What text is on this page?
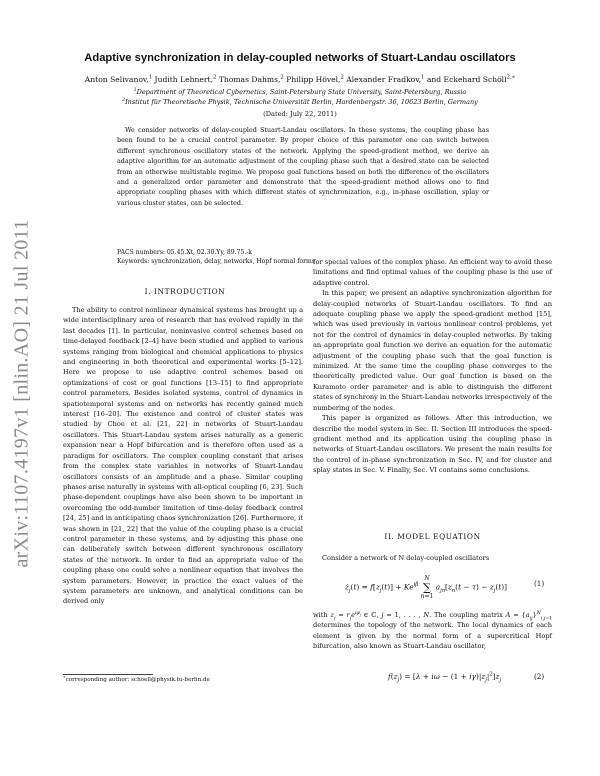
arXiv:1107.4197v1 [nlin.AO] 21 Jul 2011
Adaptive synchronization in delay-coupled networks of Stuart-Landau oscillators
Anton Selivanov,$^1$ Judith Lehnert,$^2$ Thomas Dahms,$^2$ Philipp Hövel,$^2$ Alexander Fradkov,$^1$ and Eckehard Schöll$^{2,∗}$
$^1$Department of Theoretical Cybernetics, Saint-Petersburg State University, Saint-Petersburg, Russia
$^2$Institut für Theoretische Physik, Technische Universität Berlin, Hardenbergstr. 36, 10623 Berlin, Germany
(Dated: July 22, 2011)
We consider networks of delay-coupled Stuart-Landau oscillators. In these systems, the coupling phase has been found to be a crucial control parameter. By proper choice of this parameter one can switch between different synchronous oscillatory states of the network. Applying the speed-gradient method, we derive an adaptive algorithm for an automatic adjustment of the coupling phase such that a desired state can be selected from an otherwise multistable regime. We propose goal functions based on both the difference of the oscillators and a generalized order parameter and demonstrate that the speed-gradient method allows one to find appropriate coupling phases with which different states of synchronization, e.g., in-phase oscillation, splay or various cluster states, can be selected.
PACS numbers: 05.45.Xt, 02.30.Yy, 89.75.-k
Keywords: synchronization, delay, networks, Hopf normal forms
I. INTRODUCTION

The ability to control nonlinear dynamical systems has brought up a wide interdisciplinary area of research that has evolved rapidly in the last decades [1]. In particular, noninvasive control schemes based on time-delayed feedback [2–4] have been studied and applied to various systems ranging from biological and chemical applications to physics and engineering in both theoretical and experimental works [5–12]. Here we propose to use adaptive control schemes based on optimizations of cost or goal functions [13–15] to find appropriate control parameters. Besides isolated systems, control of dynamics in spatiotemporal systems and on networks has recently gained much interest [16–20]. The existence and control of cluster states was studied by Choe et al. [21, 22] in networks of Stuart-Landau oscillators. This Stuart-Landau system arises naturally as a generic expansion near a Hopf bifurcation and is therefore often used as a paradigm for oscillators. The complex coupling constant that arises from the complex state variables in networks of Stuart-Landau oscillators consists of an amplitude and a phase. Similar coupling phases arise naturally in systems with all-optical coupling [6, 23]. Such phase-dependent couplings have also been shown to be important in overcoming the odd-number limitation of time-delay feedback control [24, 25] and in anticipating chaos synchronization [26]. Furthermore, it was shown in [21, 22] that the value of the coupling phase is a crucial control parameter in these systems, and by adjusting this phase one can deliberately switch between different synchronous oscillatory states of the network. In order to find an appropriate value of the coupling phase one could solve a nonlinear equation that involves the system parameters. However, in practice the exact values of the system parameters are unknown, and analytical conditions can be derived only

for special values of the complex phase. An efficient way to avoid these limitations and find optimal values of the coupling phase is the use of adaptive control.

In this paper, we present an adaptive synchronization algorithm for delay-coupled networks of Stuart-Landau oscillators. To find an adequate coupling phase we apply the speed-gradient method [15], which was used previously in various nonlinear control problems, yet not for the control of dynamics in delay-coupled networks. By taking an appropriate goal function we derive an equation for the automatic adjustment of the coupling phase such that the goal function is minimized. At the same time the coupling phase converges to the theoretically predicted value. Our goal function is based on the Kuramoto order parameter and is able to distinguish the different states of synchrony in the Stuart-Landau networks irrespectively of the numbering of the nodes.

This paper is organized as follows. After this introduction, we describe the model system in Sec. II. Section III introduces the speed-gradient method and its application using the coupling phase in networks of Stuart-Landau oscillators. We present the main results for the control of in-phase synchronization in Sec. IV, and for cluster and splay states in Sec. V. Finally, Sec. VI contains some conclusions.

II. MODEL EQUATION

Consider a network of N delay-coupled oscillators

$ż_j(t) = f[z_j(t)] + Ke^{i\beta}$
N
∑
n=1
$a_{jn}[z_n(t - \tau) - z_j(t)]$	(1)

with $z_j = r_je^{i\varphi_j}$ ∈ ℂ, j = 1, . . . , N. The coupling matrix $A = \{a_{ij}\}^N_{i,j=1}$ determines the topology of the network. The local dynamics of each element is given by the normal form of a supercritical Hopf bifurcation, also known as Stuart-Landau oscillator,

$f(z_j) = [\lambda + i\omega - (1 + i\gamma)|z_j|^2]z_j$	(2)
∗corresponding author: schoell@physik.tu-berlin.de
